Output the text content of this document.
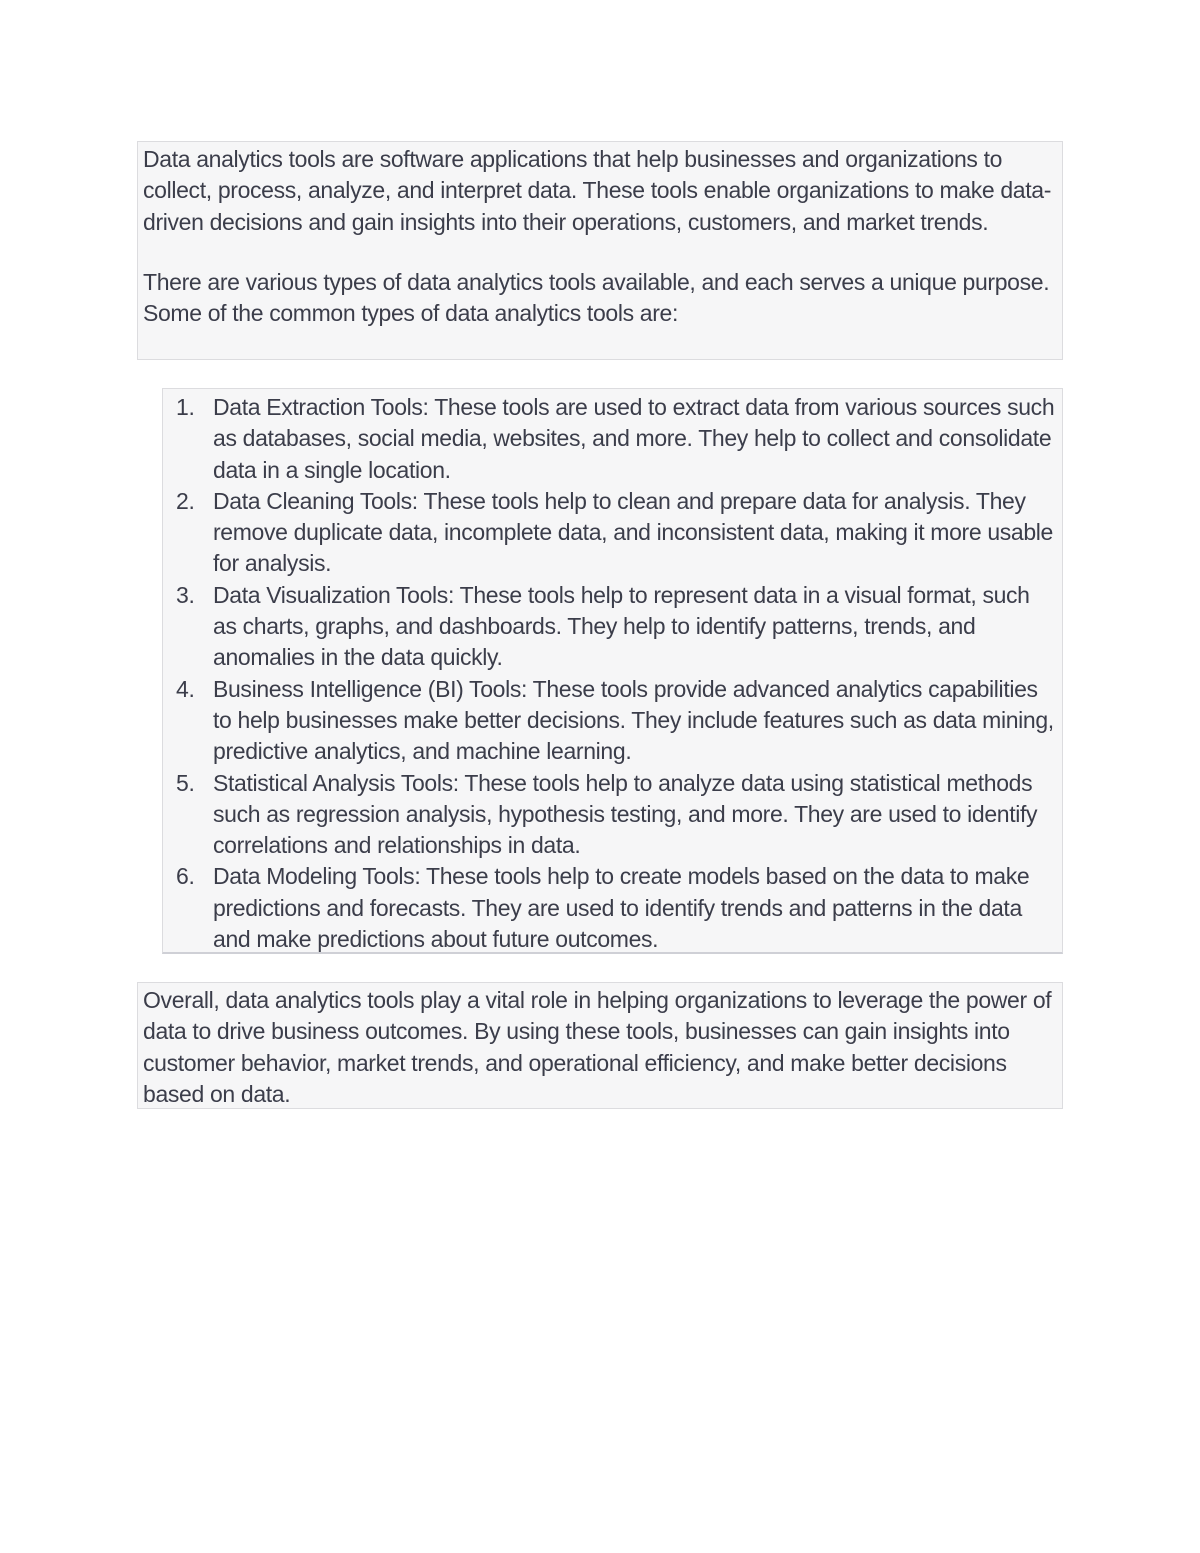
Data analytics tools are software applications that help businesses and organizations to collect, process, analyze, and interpret data. These tools enable organizations to make data-driven decisions and gain insights into their operations, customers, and market trends.

There are various types of data analytics tools available, and each serves a unique purpose. Some of the common types of data analytics tools are:

1. Data Extraction Tools: These tools are used to extract data from various sources such as databases, social media, websites, and more. They help to collect and consolidate data in a single location.
2. Data Cleaning Tools: These tools help to clean and prepare data for analysis. They remove duplicate data, incomplete data, and inconsistent data, making it more usable for analysis.
3. Data Visualization Tools: These tools help to represent data in a visual format, such as charts, graphs, and dashboards. They help to identify patterns, trends, and anomalies in the data quickly.
4. Business Intelligence (BI) Tools: These tools provide advanced analytics capabilities to help businesses make better decisions. They include features such as data mining, predictive analytics, and machine learning.
5. Statistical Analysis Tools: These tools help to analyze data using statistical methods such as regression analysis, hypothesis testing, and more. They are used to identify correlations and relationships in data.
6. Data Modeling Tools: These tools help to create models based on the data to make predictions and forecasts. They are used to identify trends and patterns in the data and make predictions about future outcomes.

Overall, data analytics tools play a vital role in helping organizations to leverage the power of data to drive business outcomes. By using these tools, businesses can gain insights into customer behavior, market trends, and operational efficiency, and make better decisions based on data.
